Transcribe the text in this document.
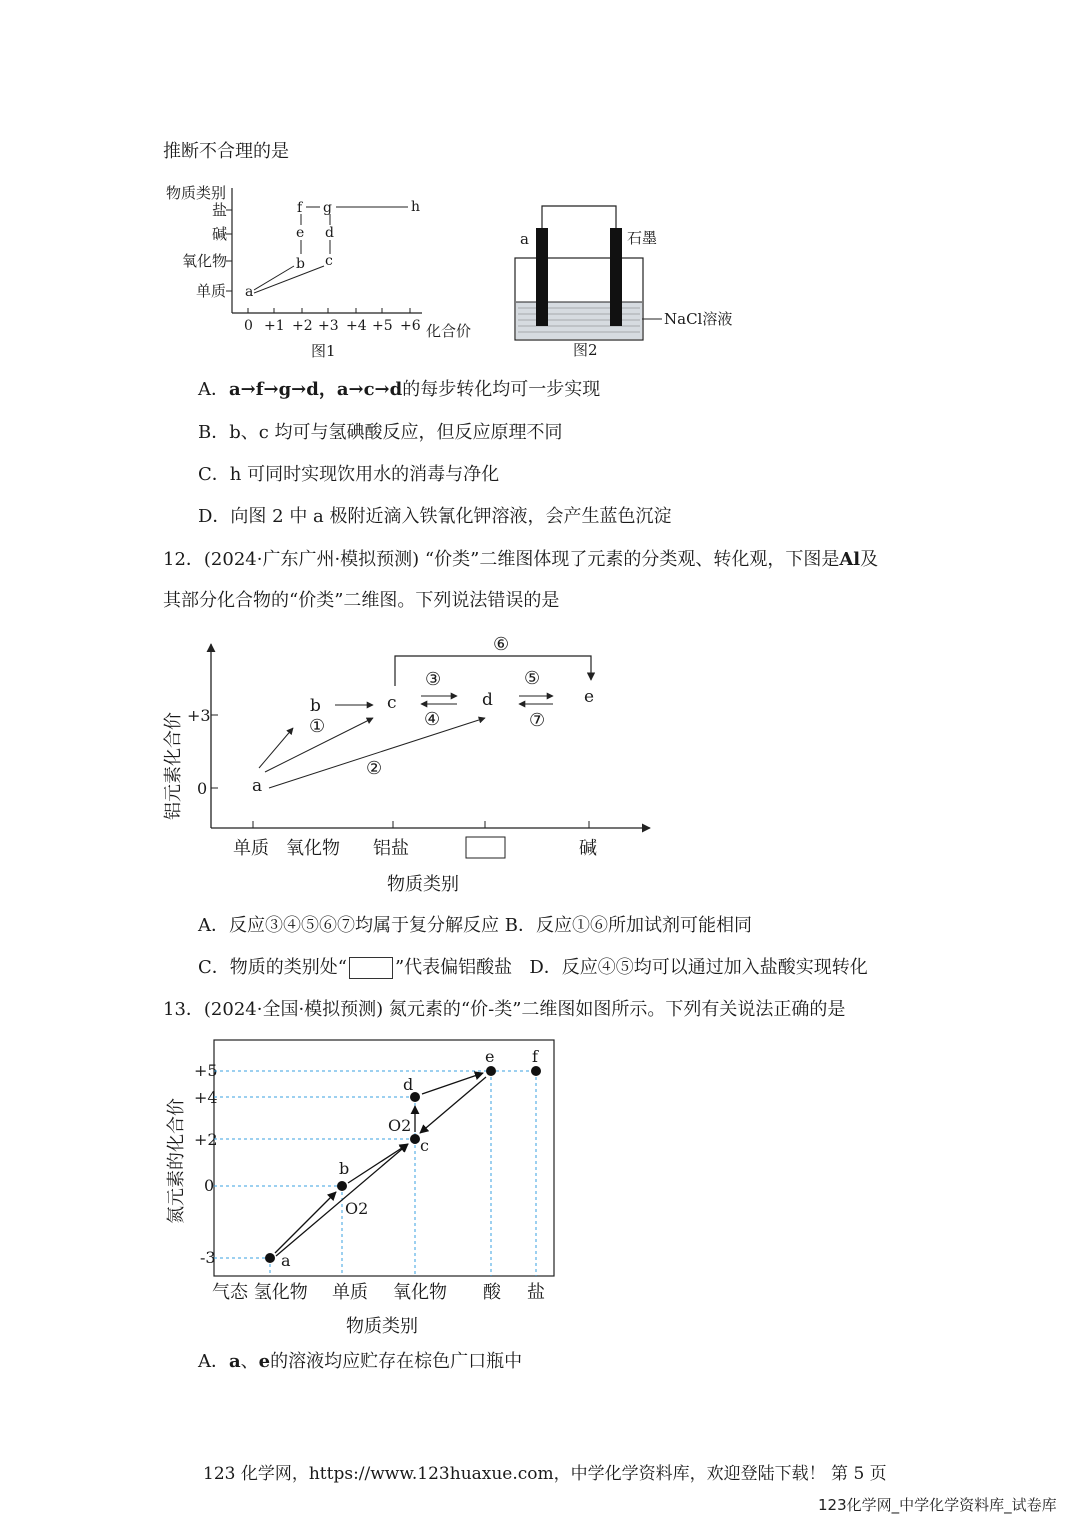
推断不合理的是
物质类别
盐
碱
氧化物
单质
0 +1 +2 +3 +4 +5 +6 化合价
a
b c
d
e
f g	h
图1
a	石墨
NaCl溶液
图2
A．a→f→g→d，a→c→d的每步转化均可一步实现
B．b、c 均可与氢碘酸反应，但反应原理不同
C．h 可同时实现饮用水的消毒与净化
D．向图 2 中 a 极附近滴入铁氰化钾溶液，会产生蓝色沉淀
12．(2024·广东广州·模拟预测) “价类”二维图体现了元素的分类观、转化观，下图是Al及
其部分化合物的“价类”二维图。下列说法错误的是
铝元素化合价 +3
0
单质 氧化物 铝盐	碱
物质类别
a
b	c	d	e
①
②
③
④
⑤
⑥
⑦
A．反应③④⑤⑥⑦均属于复分解反应 B．反应①⑥所加试剂可能相同
C．物质的类别处“	”代表偏铝酸盐 D．反应④⑤均可以通过加入盐酸实现转化
13．(2024·全国·模拟预测) 氮元素的“价-类”二维图如图所示。下列有关说法正确的是
氮元素的化合价
+5
+4
+2
0
-3	a
b
c
d
e f
O2
O2
气态 氢化物 单质 氧化物 酸 盐
物质类别
A．a、e的溶液均应贮存在棕色广口瓶中
123 化学网，https://www.123huaxue.com，中学化学资料库，欢迎登陆下载！ 第 5 页
123化学网_中学化学资料库_试卷库
